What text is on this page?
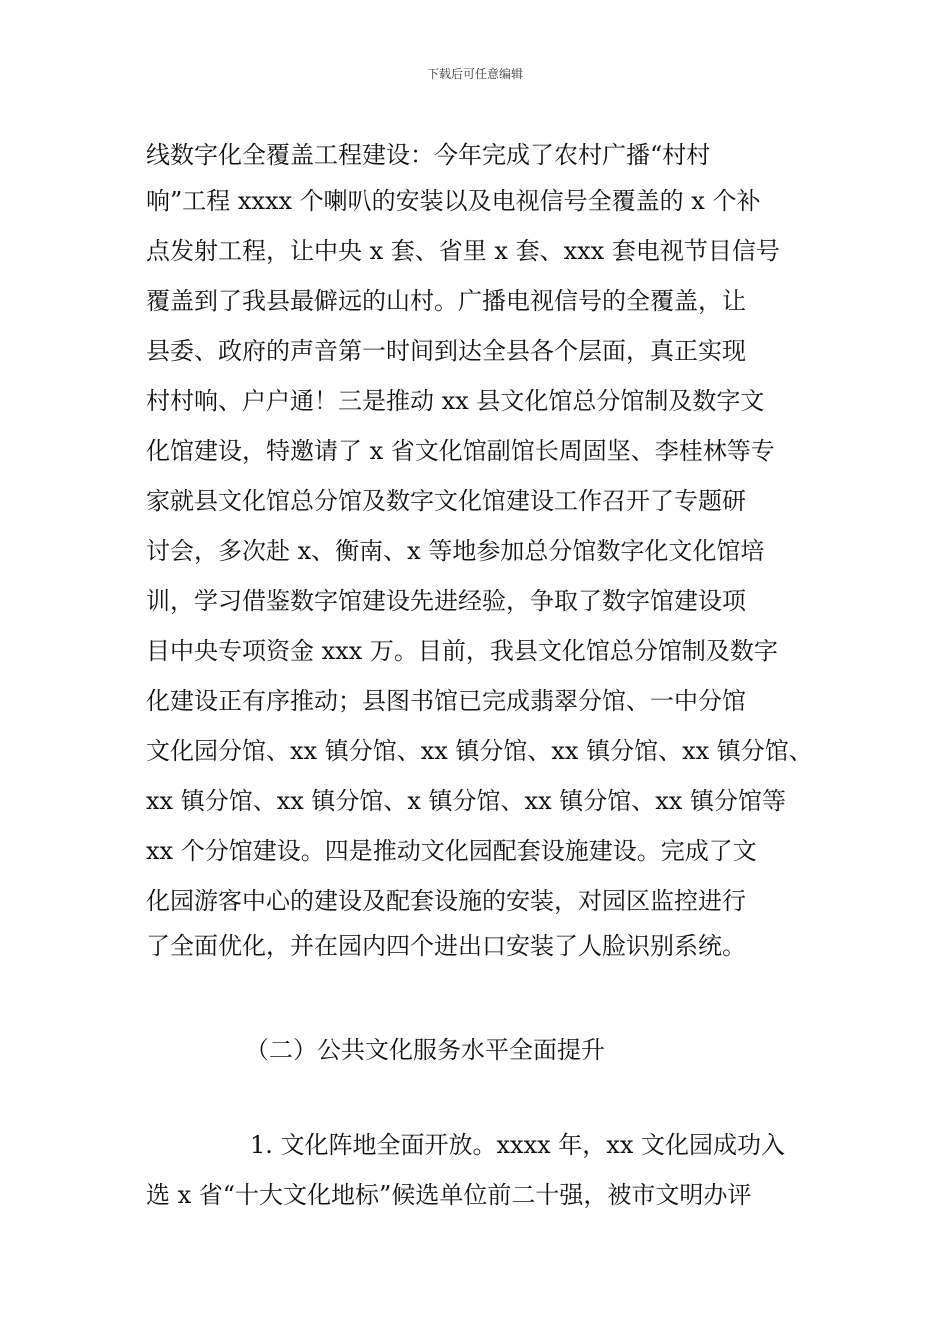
下载后可任意编辑
线数字化全覆盖工程建设：今年完成了农村广播“村村
响”工程 xxxx 个喇叭的安装以及电视信号全覆盖的 x 个补
点发射工程，让中央 x 套、省里 x 套、xxx 套电视节目信号
覆盖到了我县最僻远的山村。广播电视信号的全覆盖，让
县委、政府的声音第一时间到达全县各个层面，真正实现
村村响、户户通！三是推动 xx 县文化馆总分馆制及数字文
化馆建设，特邀请了 x 省文化馆副馆长周固坚、李桂林等专
家就县文化馆总分馆及数字文化馆建设工作召开了专题研
讨会，多次赴 x、衡南、x 等地参加总分馆数字化文化馆培
训，学习借鉴数字馆建设先进经验，争取了数字馆建设项
目中央专项资金 xxx 万。目前，我县文化馆总分馆制及数字
化建设正有序推动；县图书馆已完成翡翠分馆、一中分馆
文化园分馆、xx 镇分馆、xx 镇分馆、xx 镇分馆、xx 镇分馆、
xx 镇分馆、xx 镇分馆、x 镇分馆、xx 镇分馆、xx 镇分馆等
xx 个分馆建设。四是推动文化园配套设施建设。完成了文
化园游客中心的建设及配套设施的安装，对园区监控进行
了全面优化，并在园内四个进出口安装了人脸识别系统。
（二）公共文化服务水平全面提升
1. 文化阵地全面开放。xxxx 年，xx 文化园成功入
选 x 省“十大文化地标”候选单位前二十强，被市文明办评
